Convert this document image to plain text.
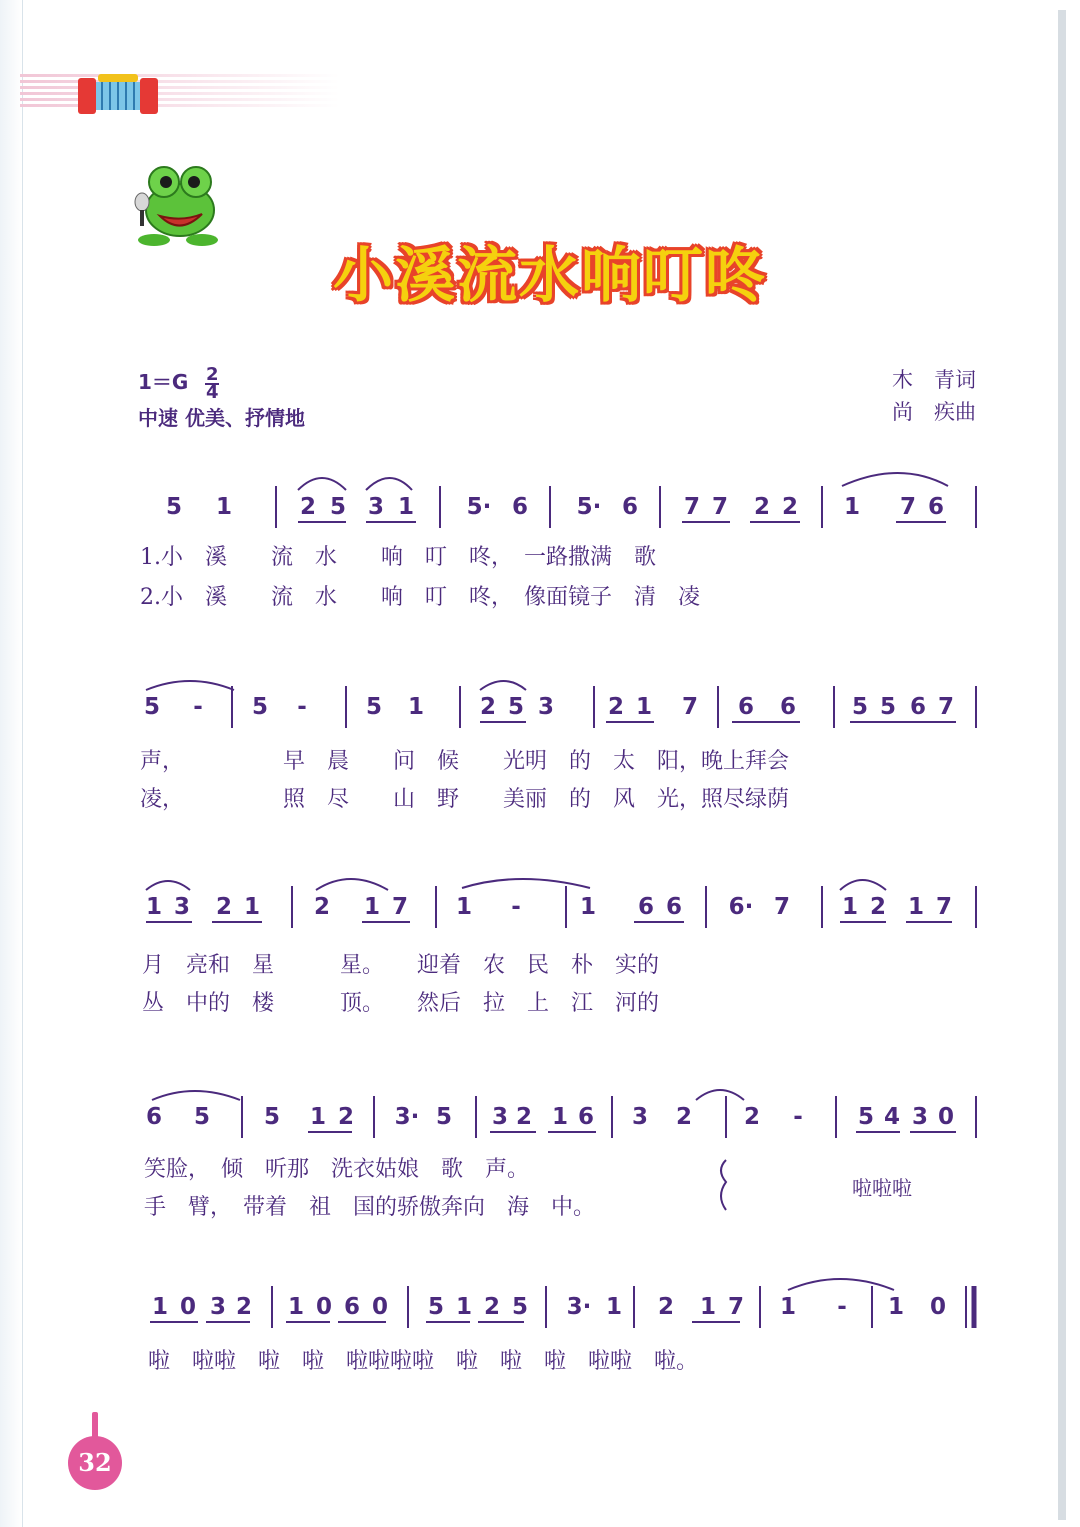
小溪流水响叮咚
$1=G \frac{2}{4}$
中速 优美、抒情地
木　青词
尚　疾曲
5 1	2 5 3 1 5· 6 5· 6 7 7 2 2 1 7 6
1.小　溪　　流　水　　响　叮　咚，　一路撒满　歌
2.小　溪　　流　水　　响　叮　咚，　像面镜子　清　凌
5	-	5	-	5 1 2 5 3 2 1 7 6 6 5 5 6 7
声，　　　　　早　晨　　问　候　　光明　的　太　阳，晚上拜会
凌，　　　　　照　尽　　山　野　　美丽　的　风　光，照尽绿荫
1 3 2 1 2 1 7 1	-	1 6 6 6· 7 1 2 1 7
月　亮和　星　　　星。　　迎着　农　民　朴　实的
丛　中的　楼　　　顶。　　然后　拉　上　江　河的
6 5 5 1 2 3· 5 3 2 1 6 3 2 2	-	5 4 3 0
笑脸，　倾　听那　洗衣姑娘　歌　声。
手　臂，　带着　祖　国的骄傲奔向　海　中。
啦啦啦
1 0 3 2 1 0 6 0 5 1 2 5 3· 1 2 1 7 1	-	1 0
啦　啦啦　啦　啦　啦啦啦啦　啦　啦　啦　啦啦　啦。
32
